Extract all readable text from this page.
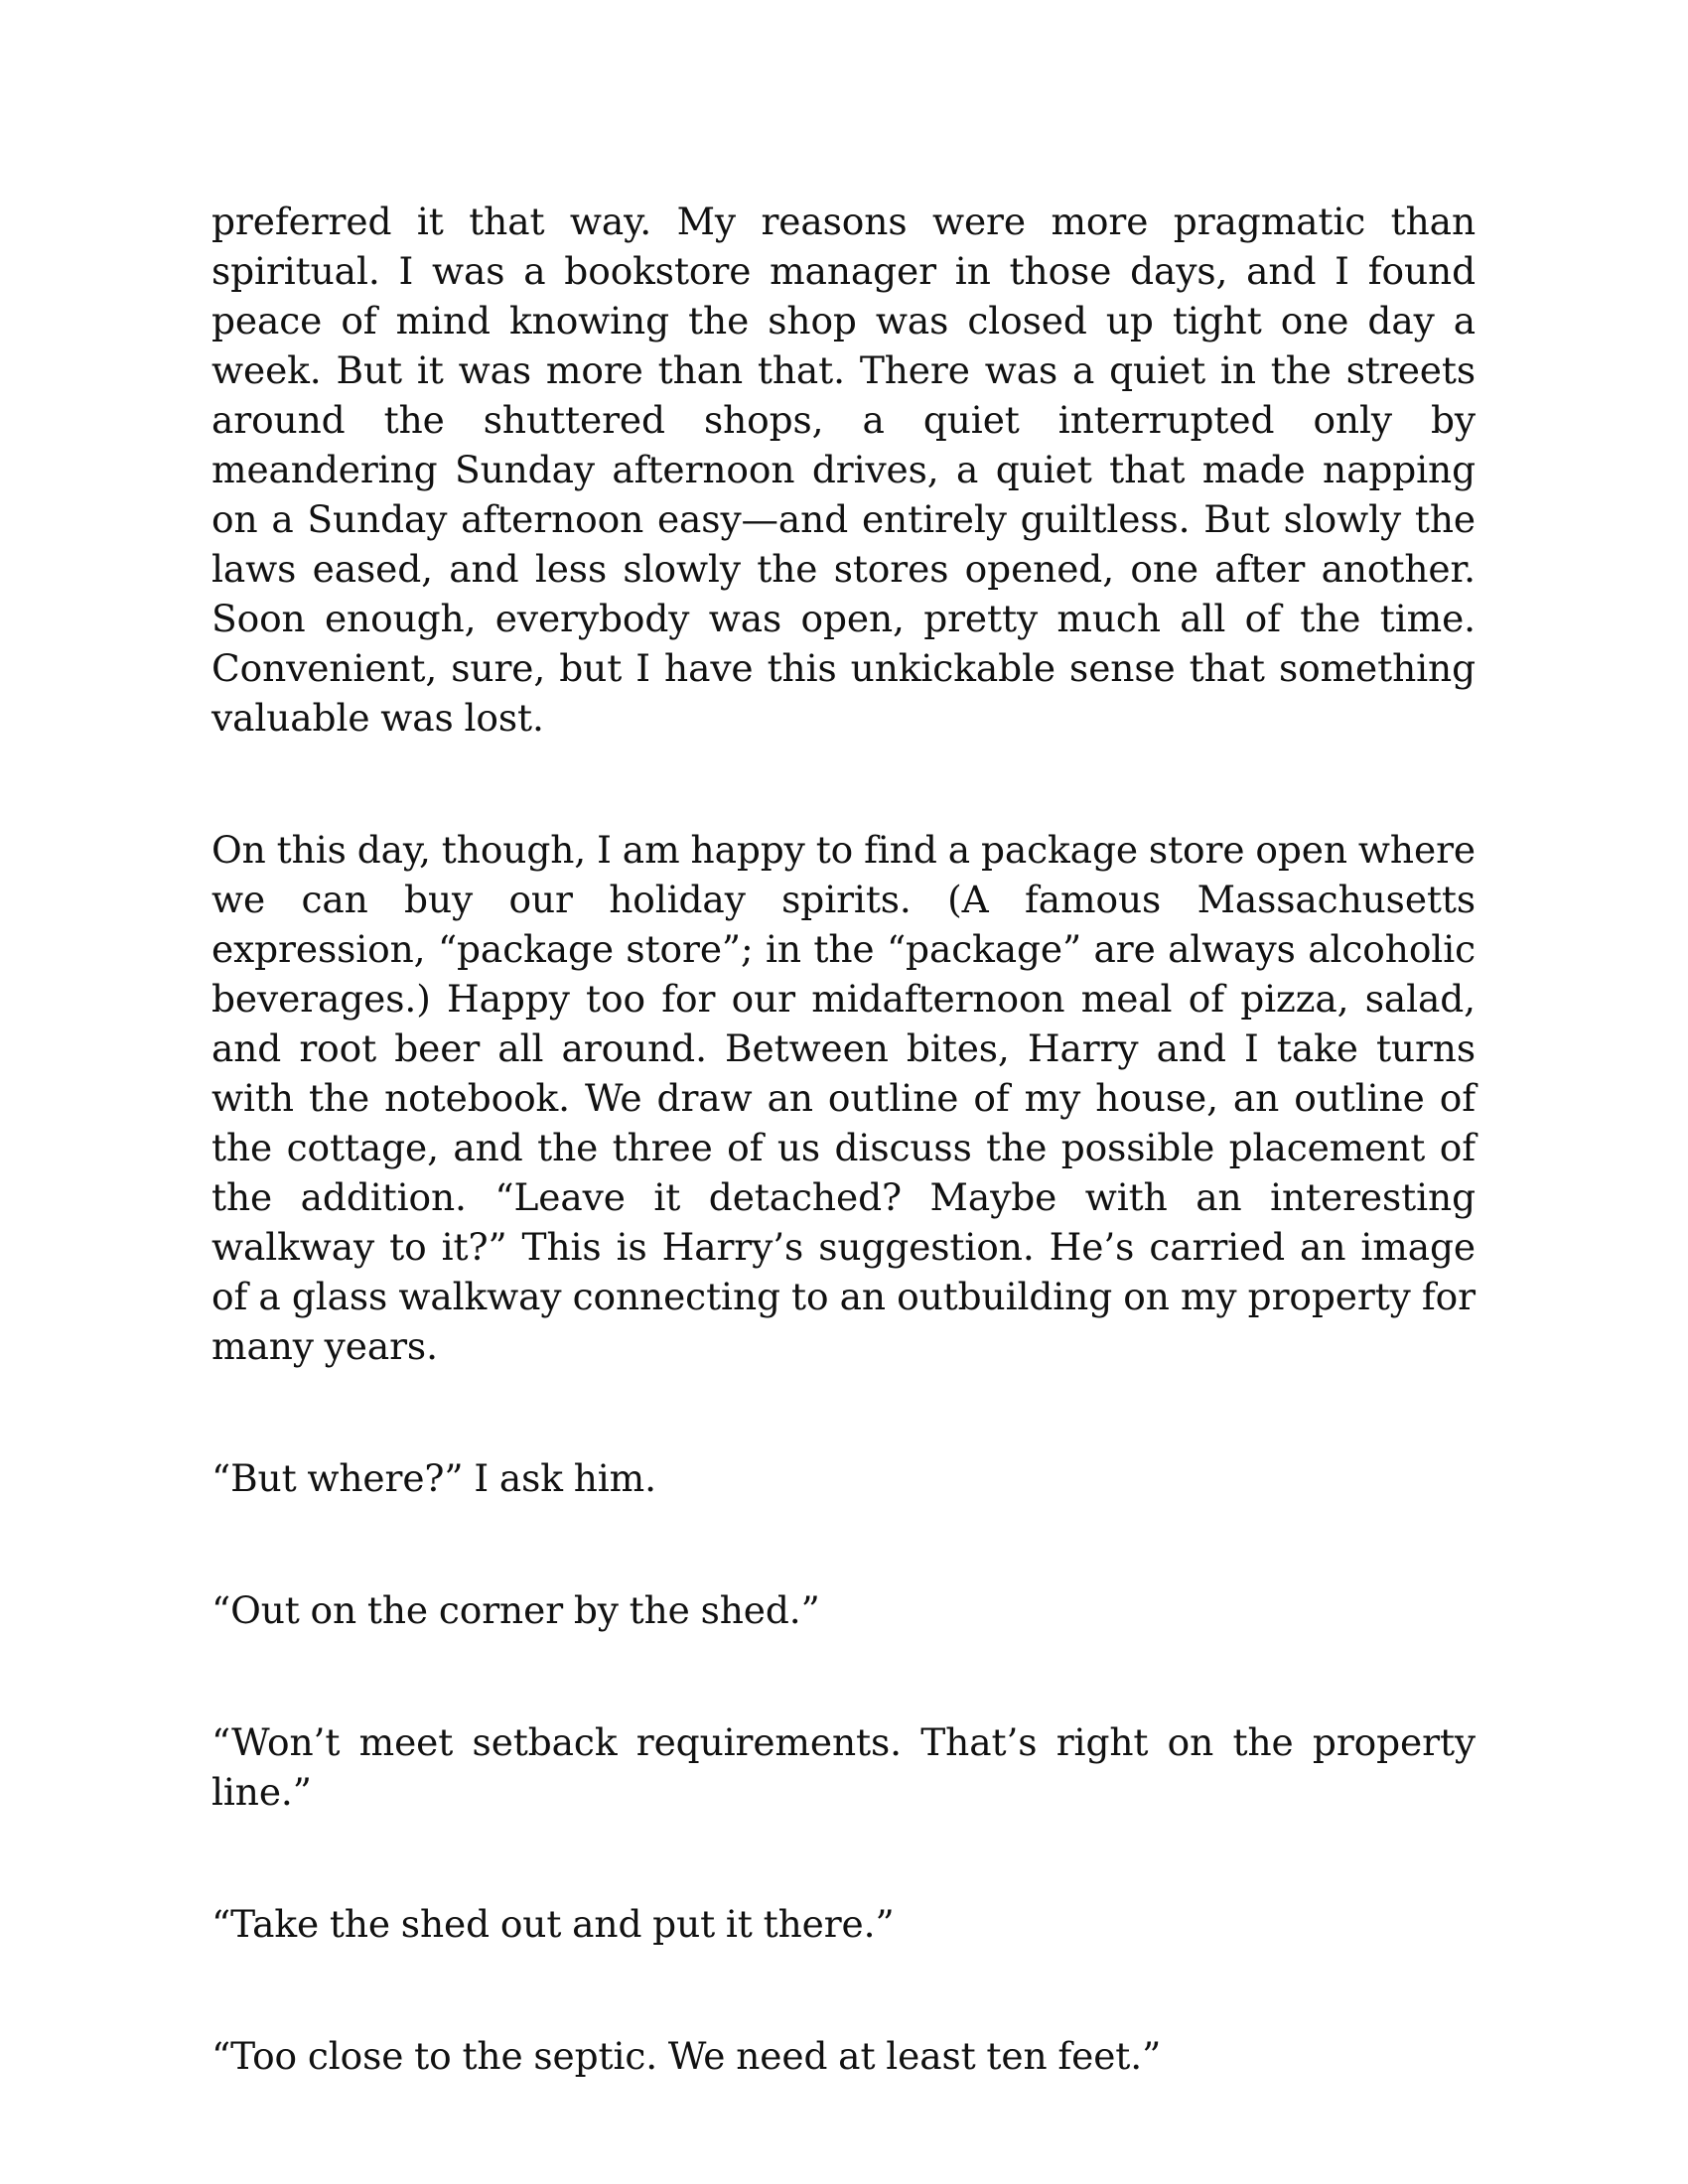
preferred it that way. My reasons were more pragmatic than spiritual. I was a bookstore manager in those days, and I found peace of mind knowing the shop was closed up tight one day a week. But it was more than that. There was a quiet in the streets around the shuttered shops, a quiet interrupted only by meandering Sunday afternoon drives, a quiet that made napping on a Sunday afternoon easy—and entirely guiltless. But slowly the laws eased, and less slowly the stores opened, one after another. Soon enough, everybody was open, pretty much all of the time. Convenient, sure, but I have this unkickable sense that something valuable was lost.

On this day, though, I am happy to find a package store open where we can buy our holiday spirits. (A famous Massachusetts expression, “package store”; in the “package” are always alcoholic beverages.) Happy too for our midafternoon meal of pizza, salad, and root beer all around. Between bites, Harry and I take turns with the notebook. We draw an outline of my house, an outline of the cottage, and the three of us discuss the possible placement of the addition. “Leave it detached? Maybe with an interesting walkway to it?” This is Harry’s suggestion. He’s carried an image of a glass walkway connecting to an outbuilding on my property for many years.

“But where?” I ask him.

“Out on the corner by the shed.”

“Won’t meet setback requirements. That’s right on the property line.”

“Take the shed out and put it there.”

“Too close to the septic. We need at least ten feet.”
